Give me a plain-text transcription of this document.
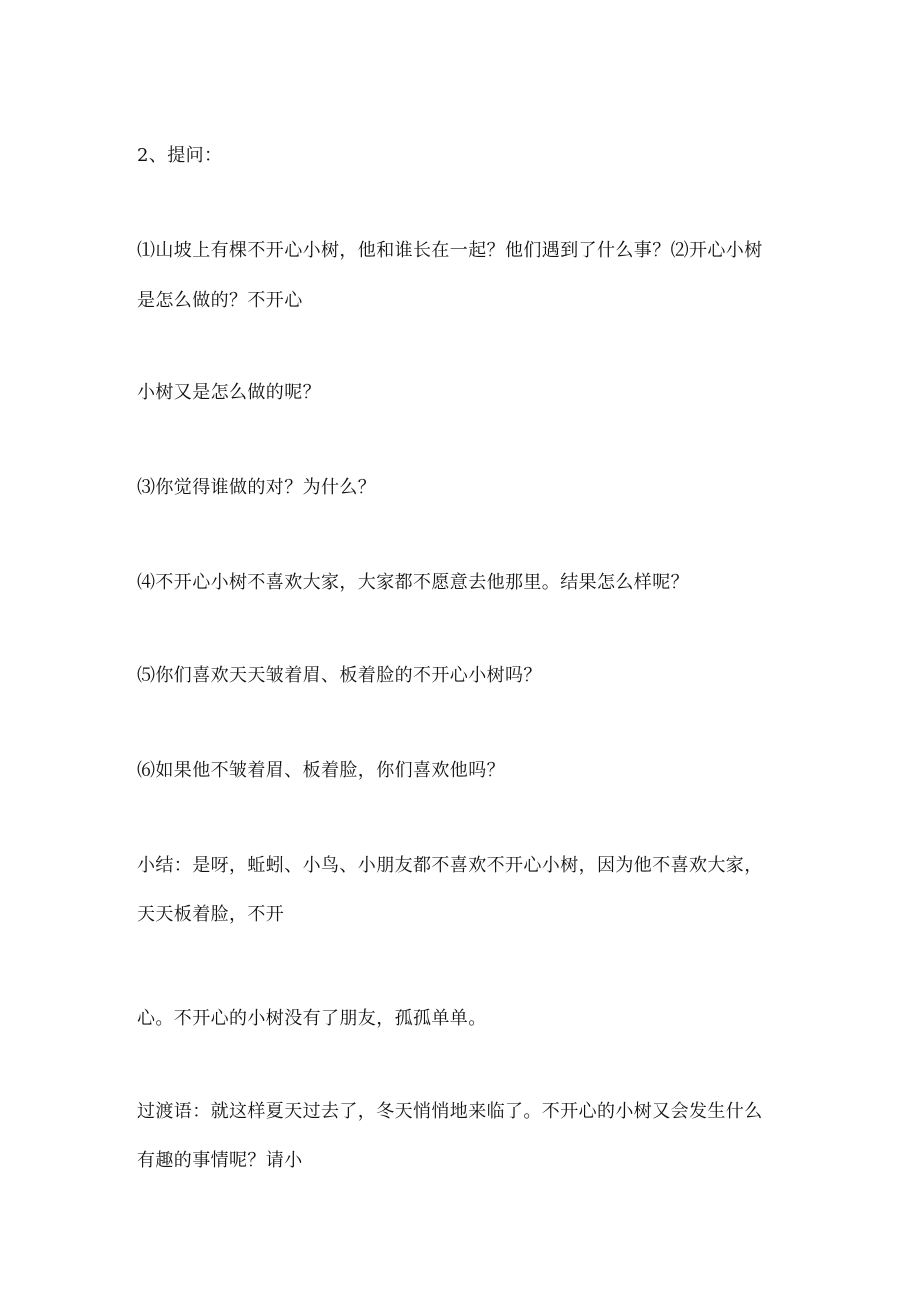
2、提问：
⑴山坡上有棵不开心小树，他和谁长在一起？他们遇到了什么事？⑵开心小树
是怎么做的？不开心
小树又是怎么做的呢？
⑶你觉得谁做的对？为什么？
⑷不开心小树不喜欢大家，大家都不愿意去他那里。结果怎么样呢？
⑸你们喜欢天天皱着眉、板着脸的不开心小树吗？
⑹如果他不皱着眉、板着脸，你们喜欢他吗？
小结：是呀，蚯蚓、小鸟、小朋友都不喜欢不开心小树，因为他不喜欢大家，
天天板着脸，不开
心。不开心的小树没有了朋友，孤孤单单。
过渡语：就这样夏天过去了，冬天悄悄地来临了。不开心的小树又会发生什么
有趣的事情呢？请小
